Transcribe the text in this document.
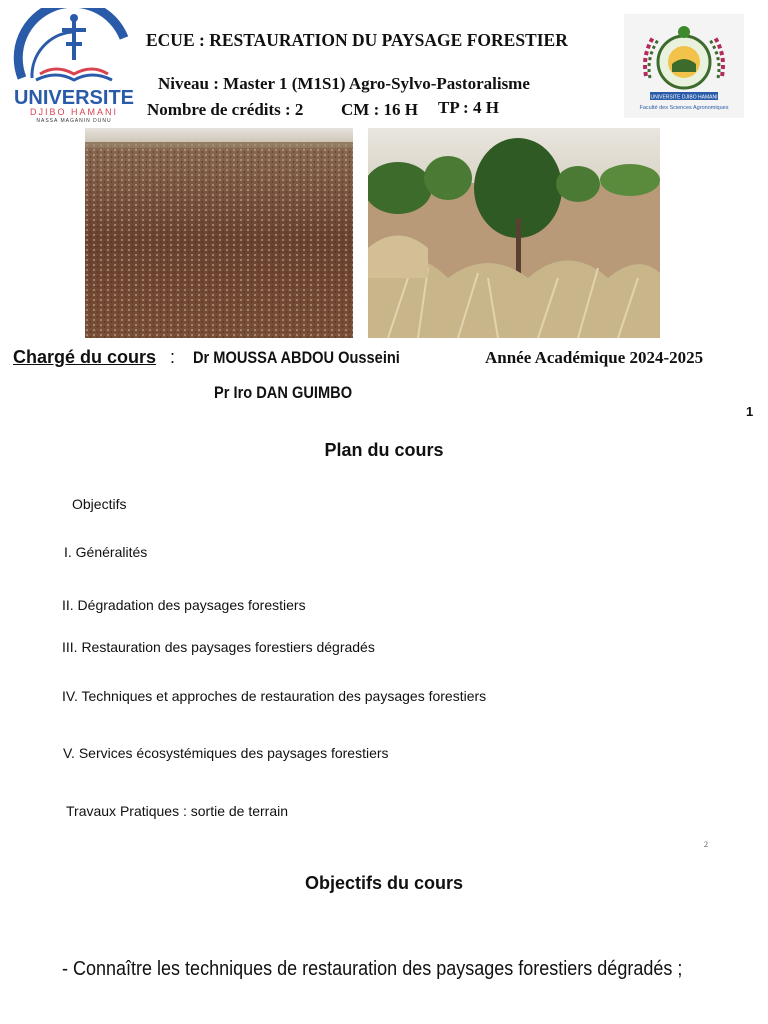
UNIVERSITE
DJIBO HAMANI
NASSA MAGANIN DUNU
ECUE : RESTAURATION DU PAYSAGE FORESTIER
Niveau : Master 1 (M1S1) Agro-Sylvo-Pastoralisme
Nombre de crédits : 2 CM : 16 H TP : 4 H
UNIVERSITE DJIBO HAMANI
Faculté des Sciences Agronomiques
Chargé du cours : Dr MOUSSA ABDOU Ousseini
Pr Iro DAN GUIMBO
Année Académique 2024-2025
1
Plan du cours
Objectifs
I. Généralités
II. Dégradation des paysages forestiers
III. Restauration des paysages forestiers dégradés
IV. Techniques et approches de restauration des paysages forestiers
V. Services écosystémiques des paysages forestiers
Travaux Pratiques : sortie de terrain
2
Objectifs du cours
- Connaître les techniques de restauration des paysages forestiers dégradés ;
